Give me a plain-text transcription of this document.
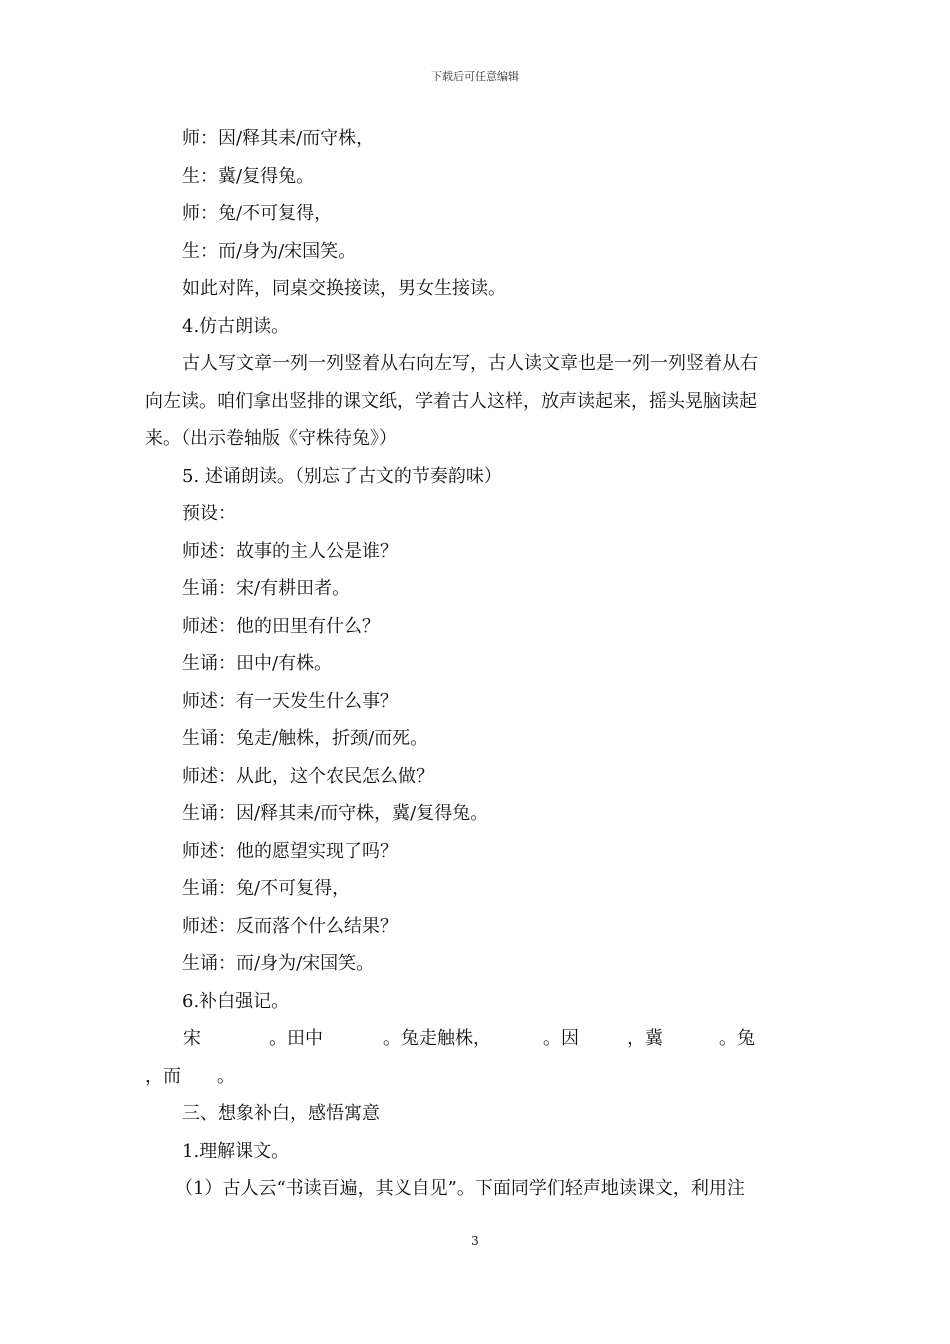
下载后可任意编辑
师：因/释其耒/而守株，
生：冀/复得兔。
师：兔/不可复得，
生：而/身为/宋国笑。
如此对阵，同桌交换接读，男女生接读。
4.仿古朗读。
古人写文章一列一列竖着从右向左写，古人读文章也是一列一列竖着从右
向左读。咱们拿出竖排的课文纸，学着古人这样，放声读起来，摇头晃脑读起
来。（出示卷轴版《守株待兔》）
5. 述诵朗读。（别忘了古文的节奏韵味）
预设：
师述：故事的主人公是谁？
生诵：宋/有耕田者。
师述：他的田里有什么？
生诵：田中/有株。
师述：有一天发生什么事？
生诵：兔走/触株，折颈/而死。
师述：从此，这个农民怎么做？
生诵：因/释其耒/而守株，冀/复得兔。
师述：他的愿望实现了吗？
生诵：兔/不可复得，
师述：反而落个什么结果？
生诵：而/身为/宋国笑。
6.补白强记。
宋	。田中	。兔走触株，	。因	，冀	。兔
，而 。
三、想象补白，感悟寓意
1.理解课文。
（1）古人云“书读百遍，其义自见”。下面同学们轻声地读课文，利用注
3
